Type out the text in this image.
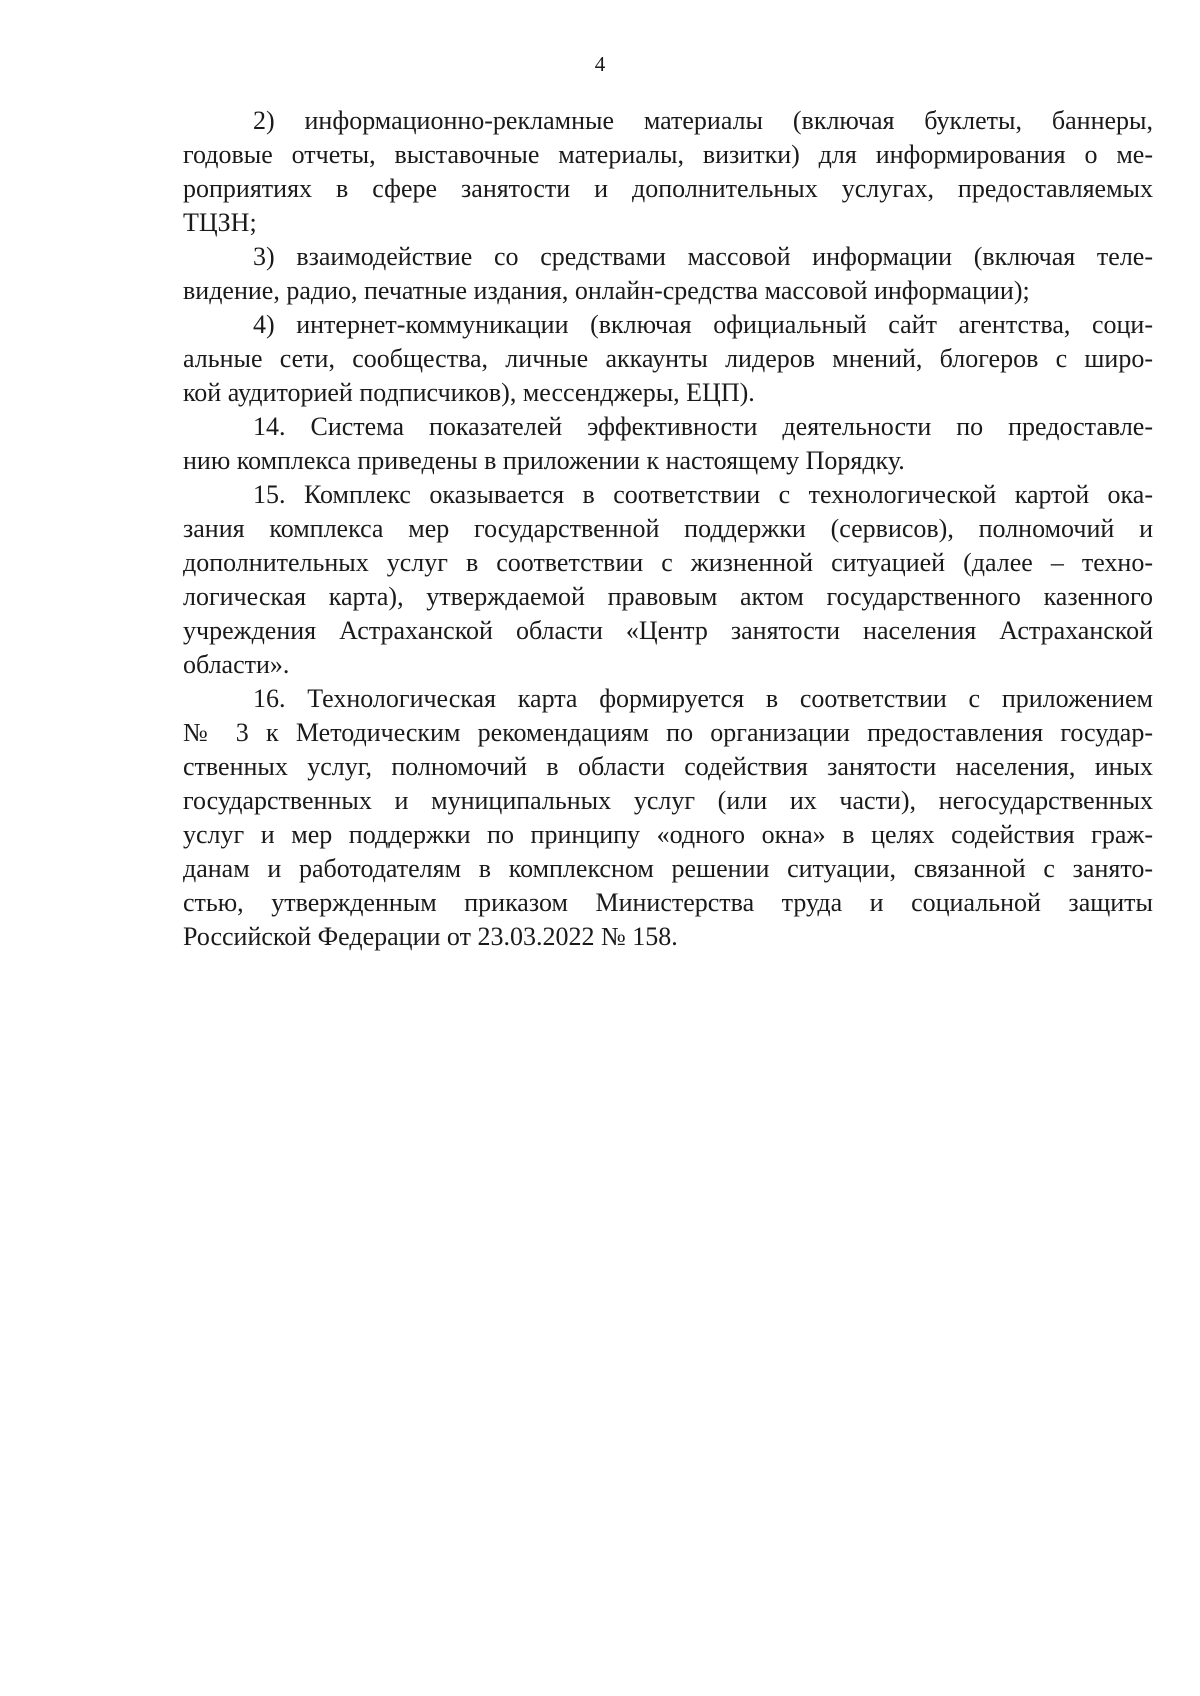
4
2) информационно-рекламные материалы (включая буклеты, баннеры,
годовые отчеты, выставочные материалы, визитки) для информирования о ме-
роприятиях в сфере занятости и дополнительных услугах, предоставляемых
ТЦЗН;
3) взаимодействие со средствами массовой информации (включая теле-
видение, радио, печатные издания, онлайн-средства массовой информации);
4) интернет-коммуникации (включая официальный сайт агентства, соци-
альные сети, сообщества, личные аккаунты лидеров мнений, блогеров с широ-
кой аудиторией подписчиков), мессенджеры, ЕЦП).
14. Система показателей эффективности деятельности по предоставле-
нию комплекса приведены в приложении к настоящему Порядку.
15. Комплекс оказывается в соответствии с технологической картой ока-
зания комплекса мер государственной поддержки (сервисов), полномочий и
дополнительных услуг в соответствии с жизненной ситуацией (далее – техно-
логическая карта), утверждаемой правовым актом государственного казенного
учреждения Астраханской области «Центр занятости населения Астраханской
области».
16. Технологическая карта формируется в соответствии с приложением
№ 3 к Методическим рекомендациям по организации предоставления государ-
ственных услуг, полномочий в области содействия занятости населения, иных
государственных и муниципальных услуг (или их части), негосударственных
услуг и мер поддержки по принципу «одного окна» в целях содействия граж-
данам и работодателям в комплексном решении ситуации, связанной с занято-
стью, утвержденным приказом Министерства труда и социальной защиты
Российской Федерации от 23.03.2022 № 158.
